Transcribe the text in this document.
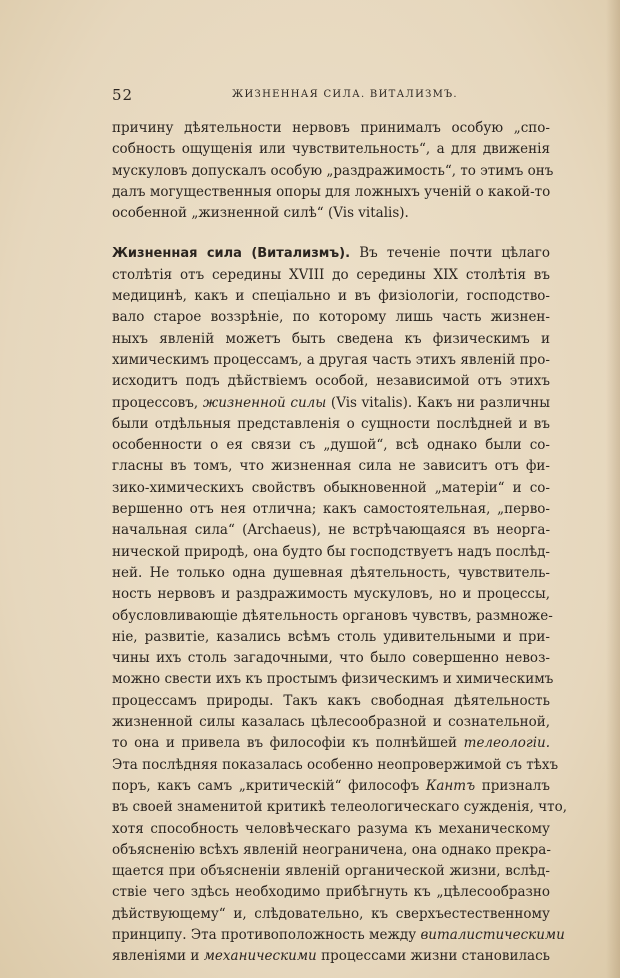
52	ЖИЗНЕННАЯ СИЛА. ВИТАЛИЗМЪ.
причину дѣятельности нервовъ принималъ особую „спо-
собность ощущенія или чувствительность“, а для движенія
мускуловъ допускалъ особую „раздражимость“, то этимъ онъ
далъ могущественныя опоры для ложныхъ ученій о какой-то
особенной „жизненной силѣ“ (Vis vitalis).
Жизненная сила (Витализмъ). Въ теченіе почти цѣлаго
столѣтія отъ середины XVIII до середины XIX столѣтія въ
медицинѣ, какъ и спеціально и въ физіологіи, господство-
вало старое воззрѣніе, по которому лишь часть жизнен-
ныхъ явленій можетъ быть сведена къ физическимъ и
химическимъ процессамъ, а другая часть этихъ явленій про-
исходитъ подъ дѣйствіемъ особой, независимой отъ этихъ
процессовъ, жизненной силы (Vis vitalis). Какъ ни различны
были отдѣльныя представленія о сущности послѣдней и въ
особенности о ея связи съ „душой“, всѣ однако были со-
гласны въ томъ, что жизненная сила не зависитъ отъ фи-
зико-химическихъ свойствъ обыкновенной „матеріи“ и со-
вершенно отъ нея отлична; какъ самостоятельная, „перво-
начальная сила“ (Archaeus), не встрѣчающаяся въ неорга-
нической природѣ, она будто бы господствуетъ надъ послѣд-
ней. Не только одна душевная дѣятельность, чувствитель-
ность нервовъ и раздражимость мускуловъ, но и процессы,
обусловливающіе дѣятельность органовъ чувствъ, размноже-
ніе, развитіе, казались всѣмъ столь удивительными и при-
чины ихъ столь загадочными, что было совершенно невоз-
можно свести ихъ къ простымъ физическимъ и химическимъ
процессамъ природы. Такъ какъ свободная дѣятельность
жизненной силы казалась цѣлесообразной и сознательной,
то она и привела въ философіи къ полнѣйшей телеологіи.
Эта послѣдняя показалась особенно неопровержимой съ тѣхъ
поръ, какъ самъ „критическій“ философъ Кантъ призналъ
въ своей знаменитой критикѣ телеологическаго сужденія, что,
хотя способность человѣческаго разума къ механическому
объясненію всѣхъ явленій неограничена, она однако прекра-
щается при объясненіи явленій органической жизни, вслѣд-
ствіе чего здѣсь необходимо прибѣгнуть къ „цѣлесообразно
дѣйствующему“ и, слѣдовательно, къ сверхъестественному
принципу. Эта противоположность между виталистическими
явленіями и механическими процессами жизни становилась
